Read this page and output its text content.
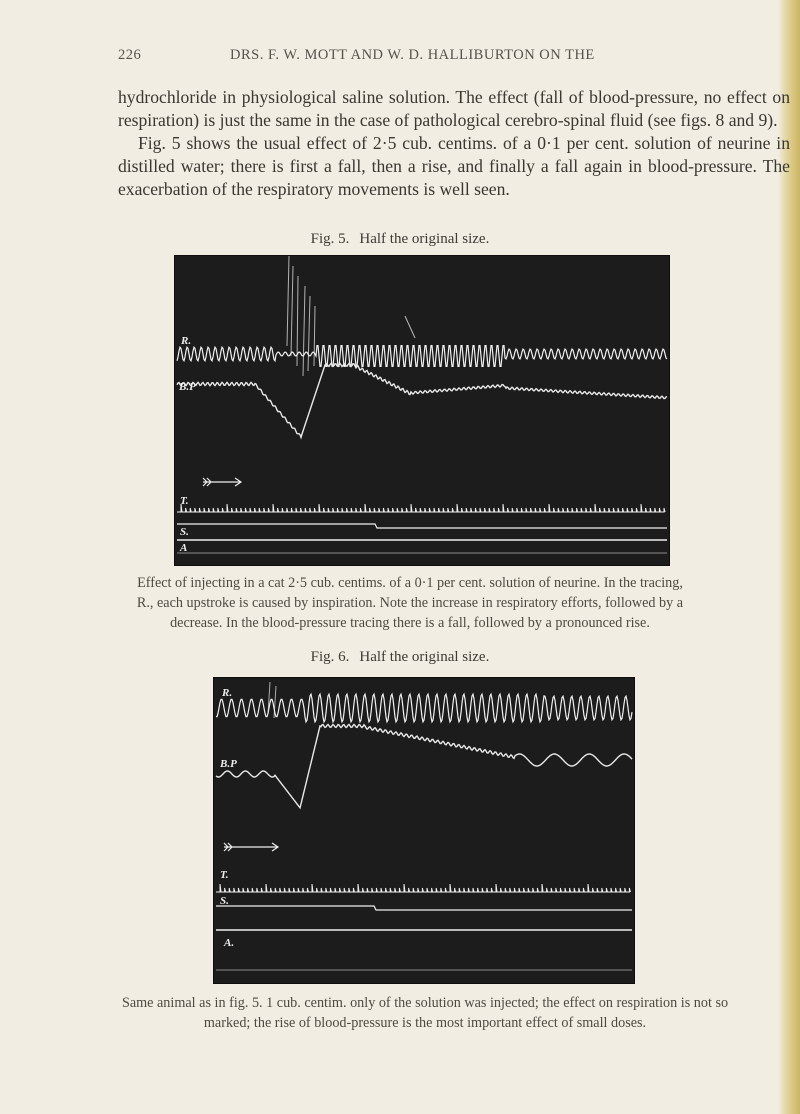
226	DRS. F. W. MOTT AND W. D. HALLIBURTON ON THE

hydrochloride in physiological saline solution. The effect (fall of blood-pressure, no effect on respiration) is just the same in the case of pathological cerebro-spinal fluid (see figs. 8 and 9).

Fig. 5 shows the usual effect of 2·5 cub. centims. of a 0·1 per cent. solution of neurine in distilled water; there is first a fall, then a rise, and finally a fall again in blood-pressure. The exacerbation of the respiratory movements is well seen.

Fig. 5. Half the original size.
R.
B.P
T.
S.
A
Effect of injecting in a cat 2·5 cub. centims. of a 0·1 per cent. solution of neurine. In the tracing, R., each upstroke is caused by inspiration. Note the increase in respiratory efforts, followed by a decrease. In the blood-pressure tracing there is a fall, followed by a pronounced rise.
Fig. 6. Half the original size.
R.
B.P
T.
S.
A.
Same animal as in fig. 5. 1 cub. centim. only of the solution was injected; the effect on respiration is not so marked; the rise of blood-pressure is the most important effect of small doses.
